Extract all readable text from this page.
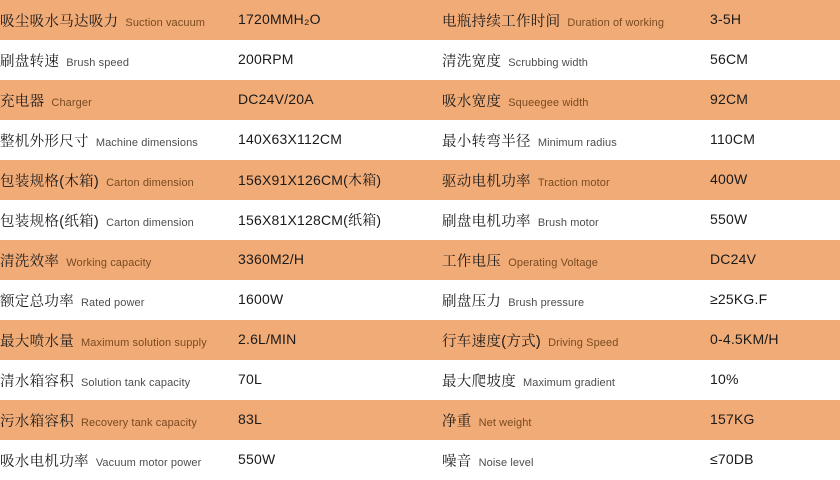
吸尘吸水马达吸力 Suction vacuum	1720MMH₂O	电瓶持续工作时间 Duration of working	3-5H
刷盘转速 Brush speed	200RPM	清洗宽度 Scrubbing width	56CM
充电器 Charger	DC24V/20A	吸水宽度 Squeegee width	92CM
整机外形尺寸 Machine dimensions	140X63X112CM	最小转弯半径 Minimum radius	110CM
包装规格(木箱) Carton dimension	156X91X126CM(木箱)	驱动电机功率 Traction motor	400W
包装规格(纸箱) Carton dimension	156X81X128CM(纸箱)	刷盘电机功率 Brush motor	550W
清洗效率 Working capacity	3360M2/H	工作电压 Operating Voltage	DC24V
额定总功率 Rated power	1600W	刷盘压力 Brush pressure	≥25KG.F
最大喷水量 Maximum solution supply	2.6L/MIN	行车速度(方式) Driving Speed	0-4.5KM/H
清水箱容积 Solution tank capacity	70L	最大爬坡度 Maximum gradient	10%
污水箱容积 Recovery tank capacity	83L	净重 Net weight	157KG
吸水电机功率 Vacuum motor power	550W	噪音 Noise level	≤70DB
